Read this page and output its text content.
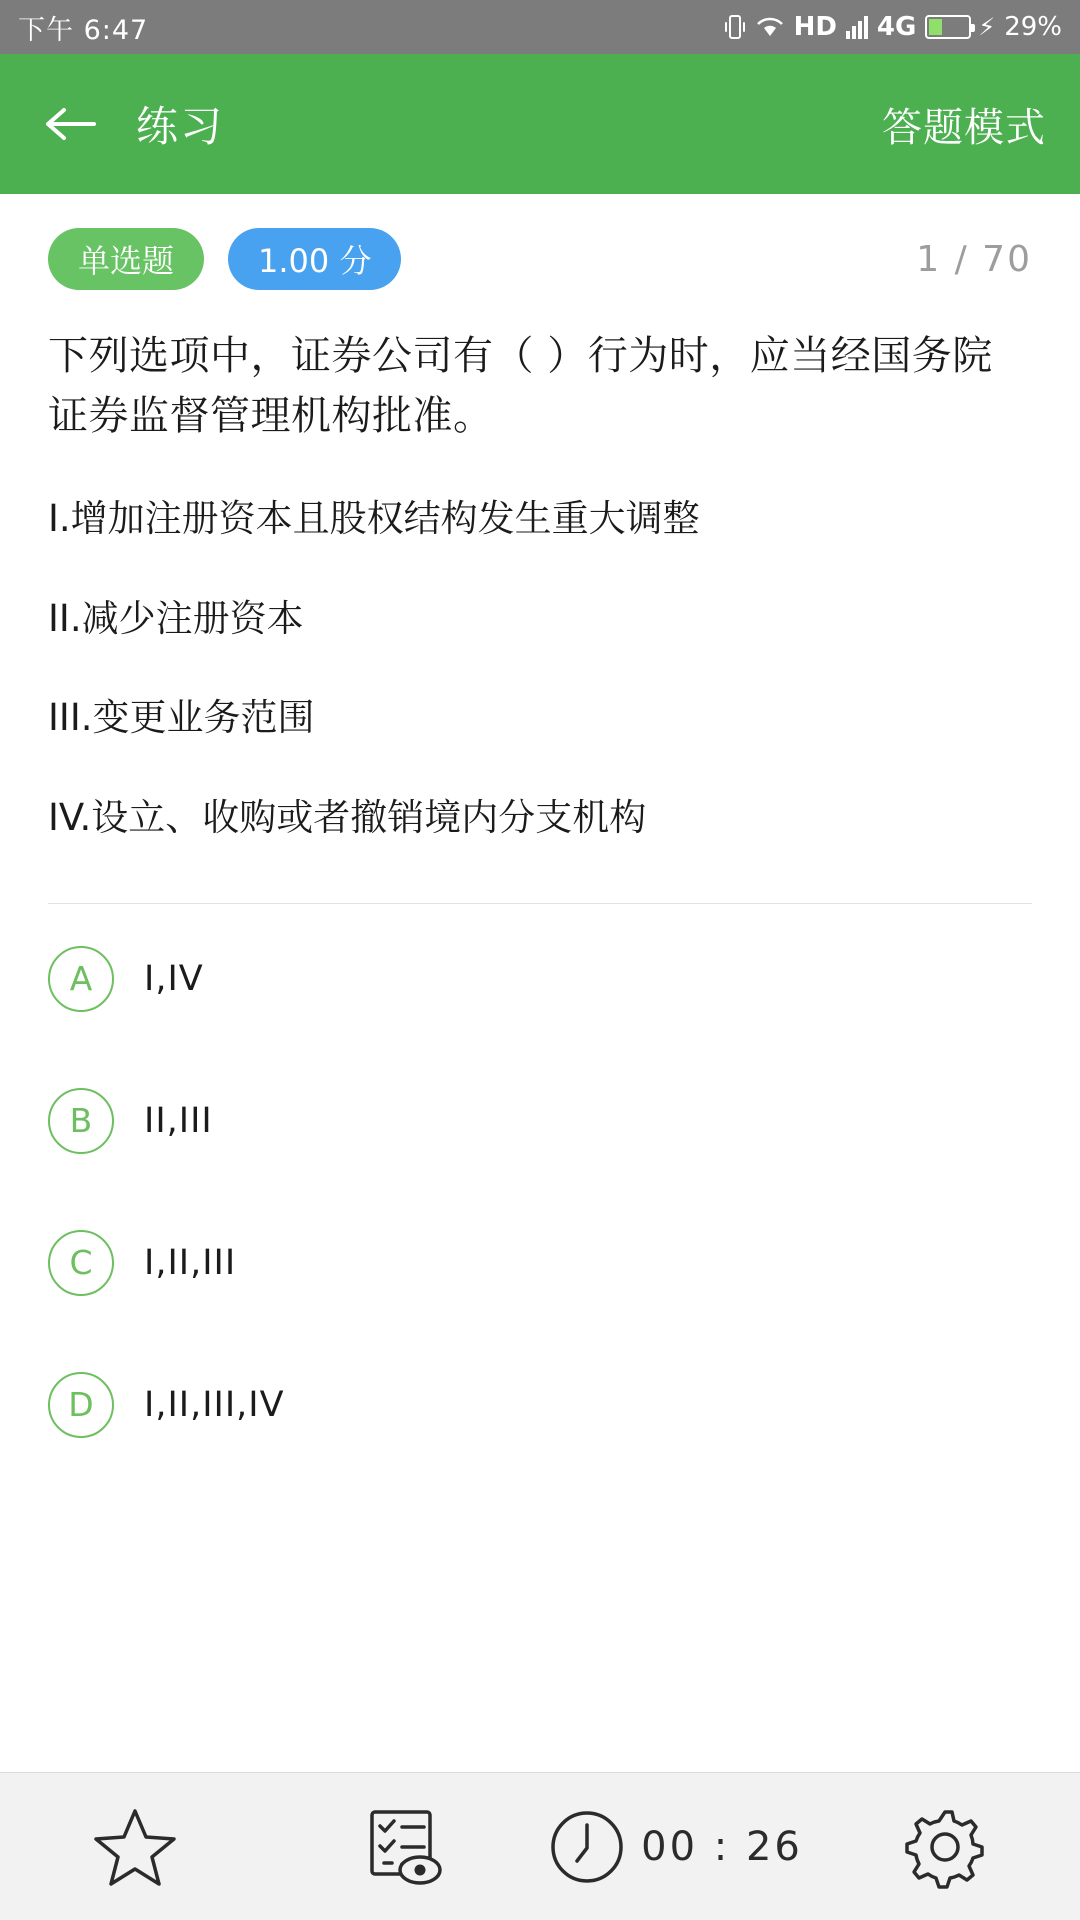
下午 6:47	HD 4G	⚡ 29%
练习	答题模式
单选题	1.00 分	1 / 70
下列选项中，证券公司有（ ）行为时，应当经国务院证券监督管理机构批准。
I.增加注册资本且股权结构发生重大调整
II.减少注册资本
III.变更业务范围
IV.设立、收购或者撤销境内分支机构
A	I,IV
B	II,III
C	I,II,III
D	I,II,III,IV
00 : 26
